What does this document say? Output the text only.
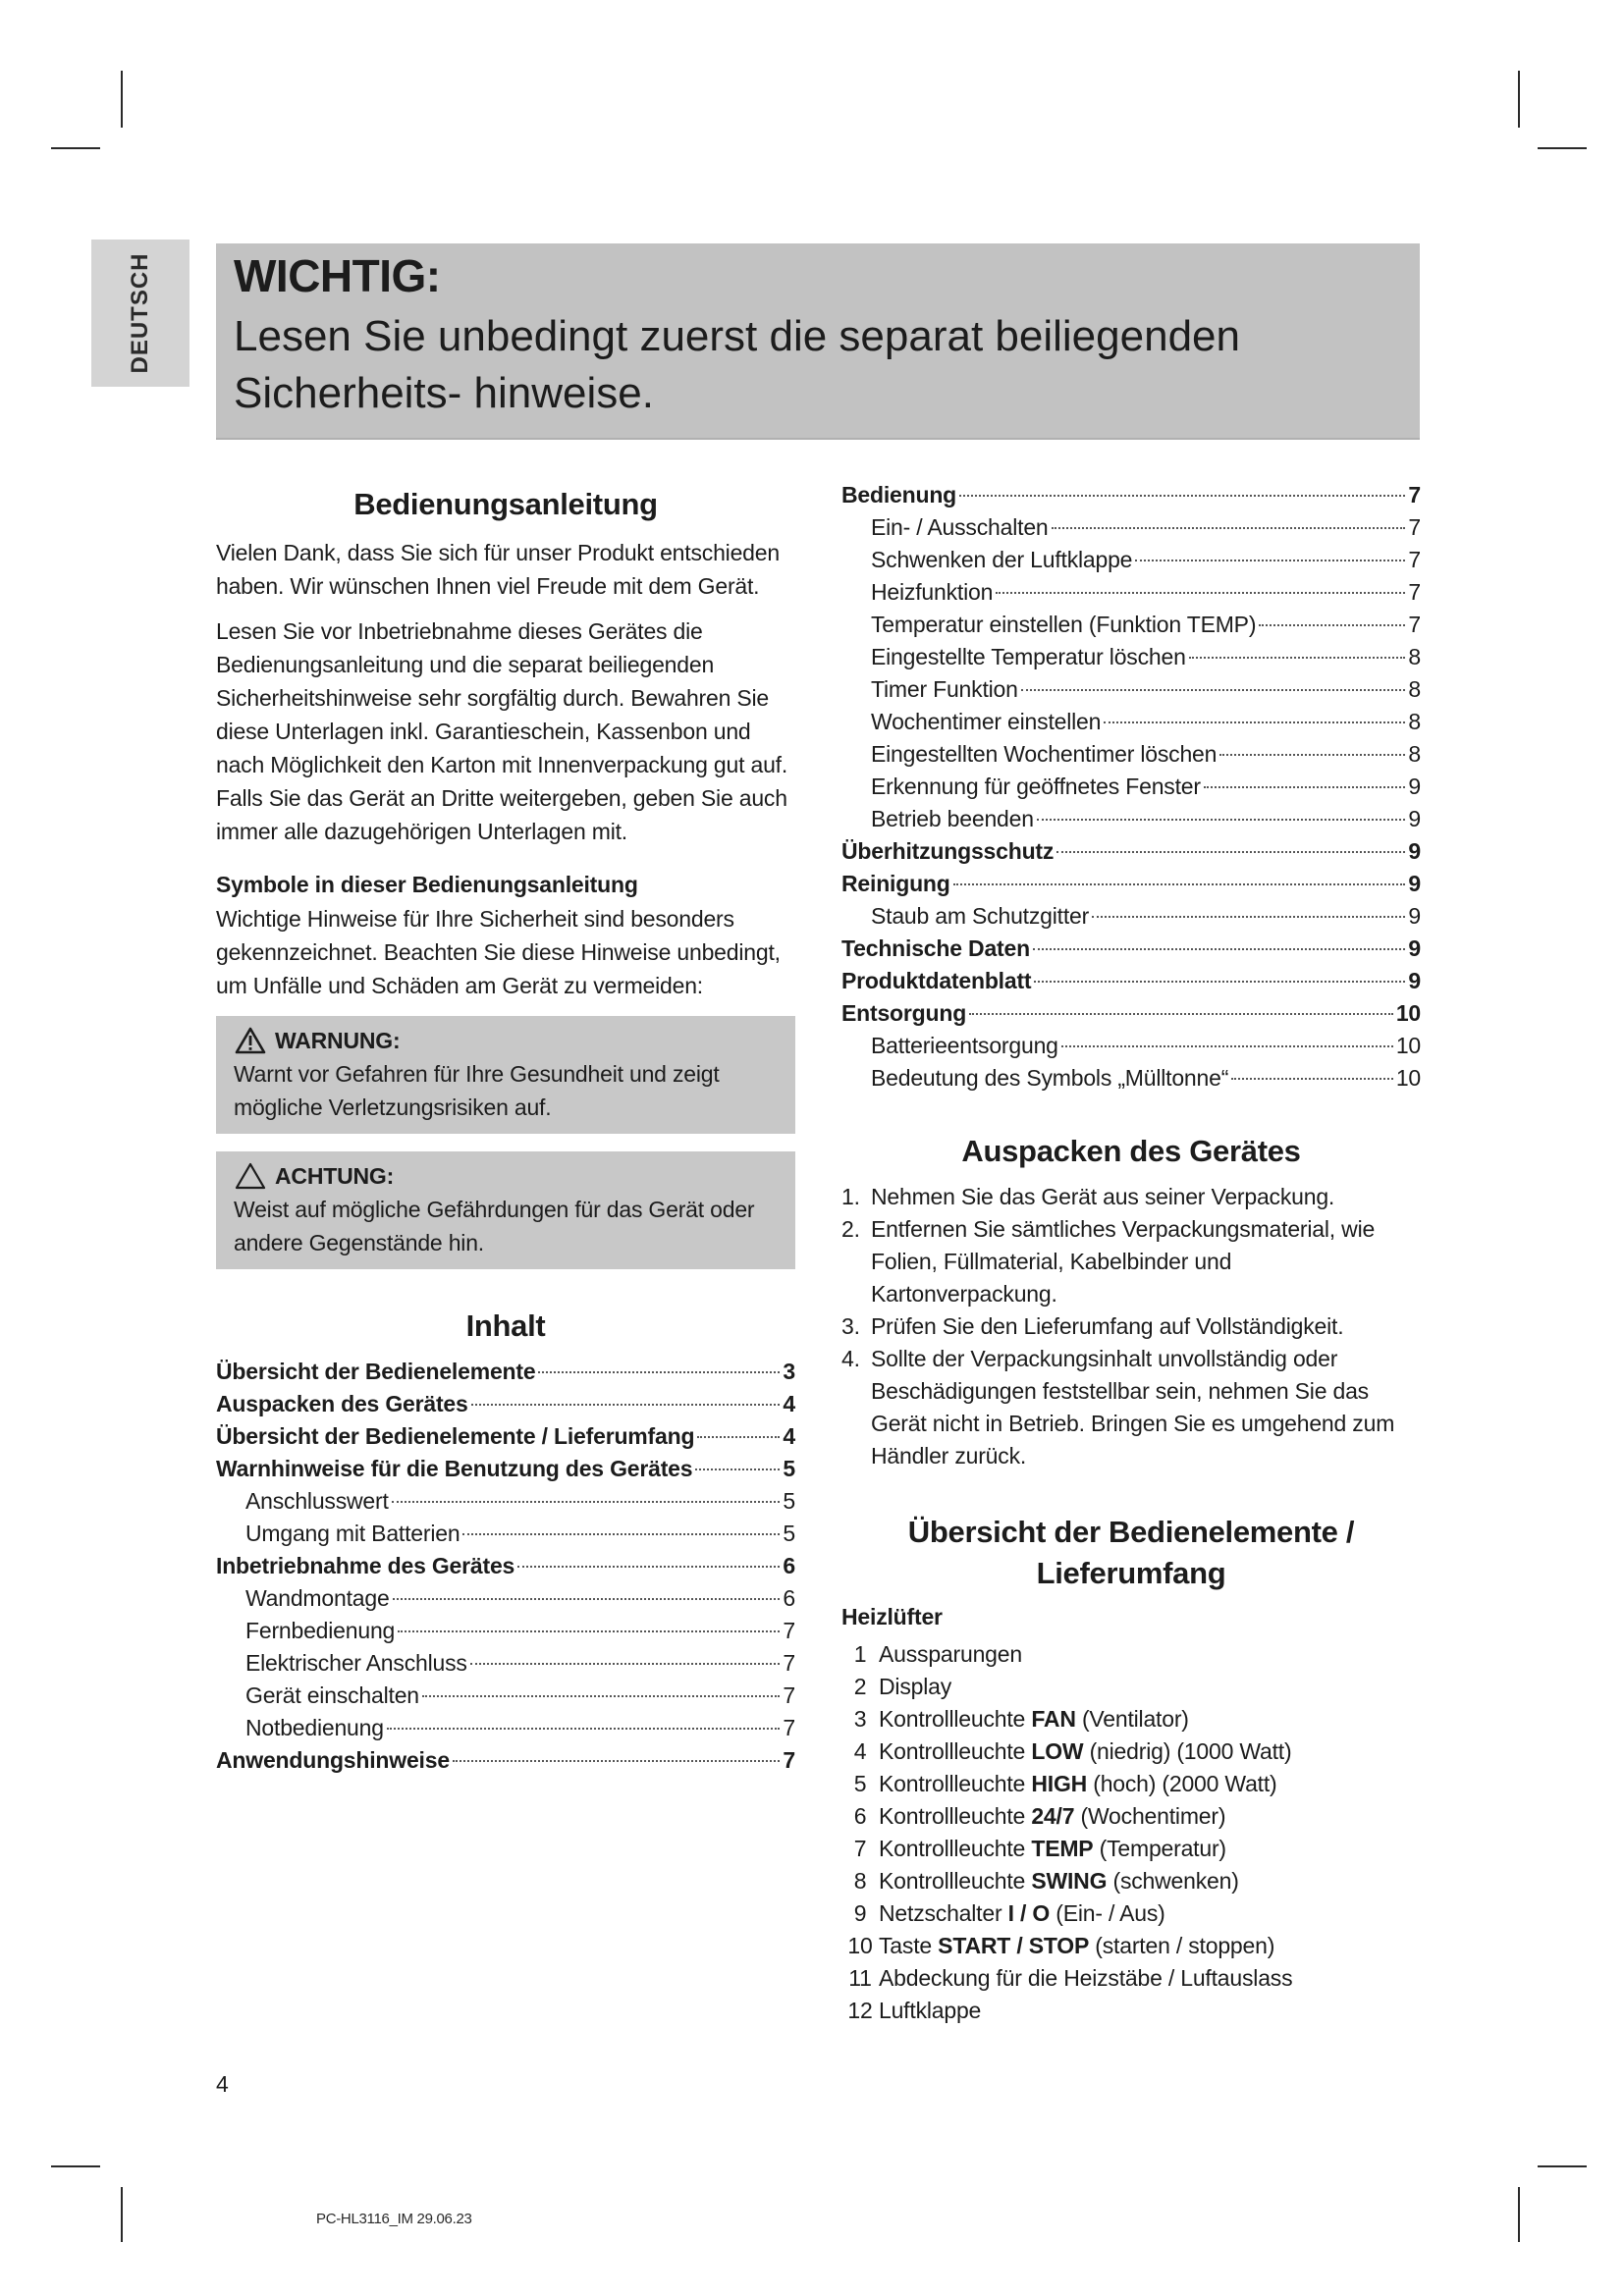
DEUTSCH WICHTIG:
Lesen Sie unbedingt zuerst die separat beiliegenden Sicherheits- hinweise.
Bedienungsanleitung

Vielen Dank, dass Sie sich für unser Produkt entschieden haben. Wir wünschen Ihnen viel Freude mit dem Gerät.

Lesen Sie vor Inbetriebnahme dieses Gerätes die Bedienungsanleitung und die separat beiliegenden Sicherheitshinweise sehr sorgfältig durch. Bewahren Sie diese Unterlagen inkl. Garantieschein, Kassenbon und nach Möglichkeit den Karton mit Innenverpackung gut auf. Falls Sie das Gerät an Dritte weitergeben, geben Sie auch immer alle dazugehörigen Unterlagen mit.

Symbole in dieser Bedienungsanleitung

Wichtige Hinweise für Ihre Sicherheit sind besonders gekennzeichnet. Beachten Sie diese Hinweise unbedingt, um Unfälle und Schäden am Gerät zu vermeiden:

WARNUNG:
Warnt vor Gefahren für Ihre Gesundheit und zeigt mögliche Verletzungsrisiken auf.
ACHTUNG:
Weist auf mögliche Gefährdungen für das Gerät oder andere Gegenstände hin.
Inhalt
Übersicht der Bedienelemente	3
Auspacken des Gerätes	4
Übersicht der Bedienelemente / Lieferumfang	4
Warnhinweise für die Benutzung des Gerätes	5
Anschlusswert	5
Umgang mit Batterien	5
Inbetriebnahme des Gerätes	6
Wandmontage	6
Fernbedienung	7
Elektrischer Anschluss	7
Gerät einschalten	7
Notbedienung	7
Anwendungshinweise	7
Bedienung	7
Ein- / Ausschalten	7
Schwenken der Luftklappe	7
Heizfunktion	7
Temperatur einstellen (Funktion TEMP)	7
Eingestellte Temperatur löschen	8
Timer Funktion	8
Wochentimer einstellen	8
Eingestellten Wochentimer löschen	8
Erkennung für geöffnetes Fenster	9
Betrieb beenden	9
Überhitzungsschutz	9
Reinigung	9
Staub am Schutzgitter	9
Technische Daten	9
Produktdatenblatt	9
Entsorgung	10
Batterieentsorgung	10
Bedeutung des Symbols „Mülltonne“	10
Auspacken des Gerätes
1. Nehmen Sie das Gerät aus seiner Verpackung.
2. Entfernen Sie sämtliches Verpackungsmaterial, wie Folien, Füllmaterial, Kabelbinder und Kartonverpackung.
3. Prüfen Sie den Lieferumfang auf Vollständigkeit.
4. Sollte der Verpackungsinhalt unvollständig oder Beschädigungen feststellbar sein, nehmen Sie das Gerät nicht in Betrieb. Bringen Sie es umgehend zum Händler zurück.
Übersicht der Bedienelemente /
Lieferumfang
Heizlüfter
1 Aussparungen
2 Display
3 Kontrollleuchte FAN (Ventilator)
4 Kontrollleuchte LOW (niedrig) (1000 Watt)
5 Kontrollleuchte HIGH (hoch) (2000 Watt)
6 Kontrollleuchte 24/7 (Wochentimer)
7 Kontrollleuchte TEMP (Temperatur)
8 Kontrollleuchte SWING (schwenken)
9 Netzschalter I / O (Ein- / Aus)
10 Taste START / STOP (starten / stoppen)
11 Abdeckung für die Heizstäbe / Luftauslass
12 Luftklappe
4
PC-HL3116_IM 29.06.23
